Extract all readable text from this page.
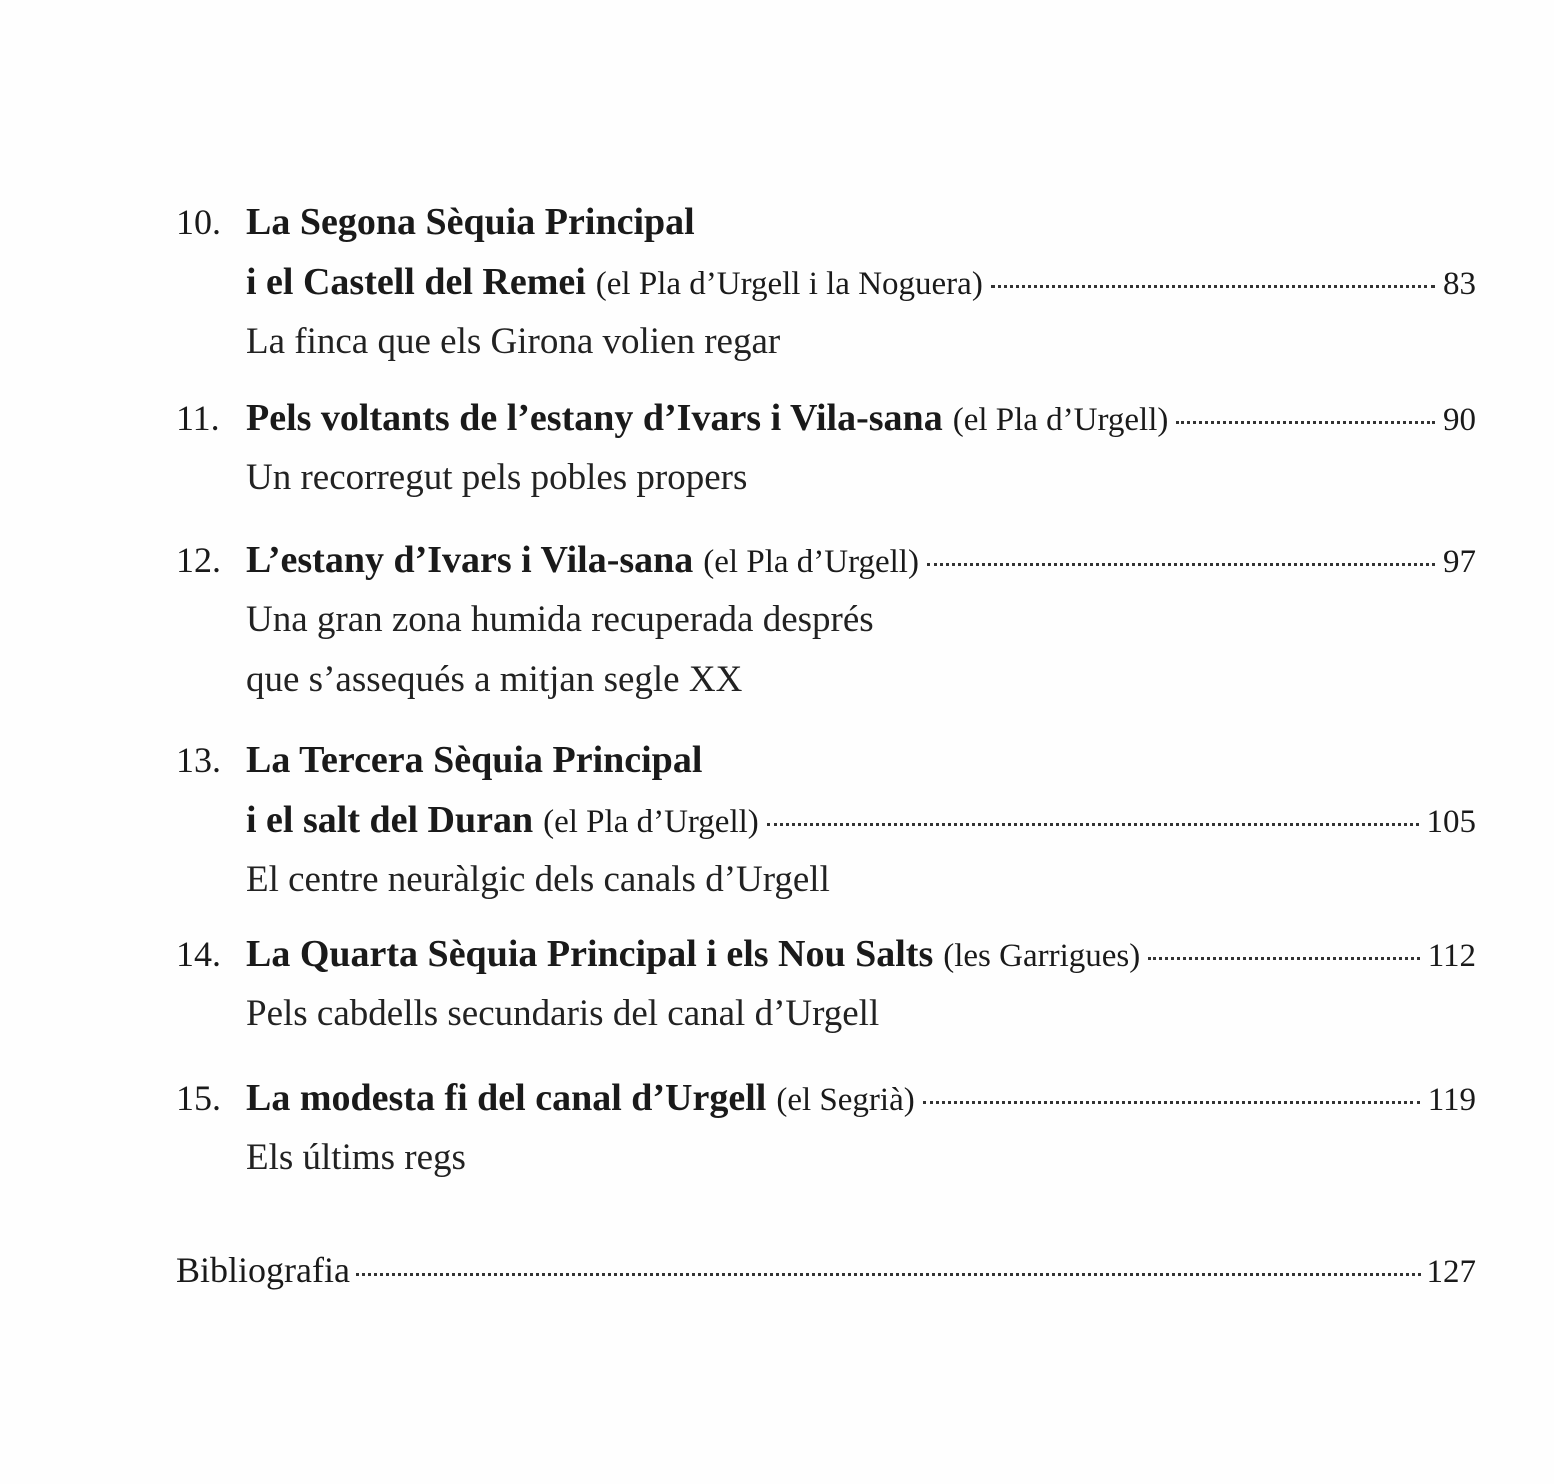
10. La Segona Sèquia Principal
i el Castell del Remei (el Pla d’Urgell i la Noguera)	83
La finca que els Girona volien regar
11. Pels voltants de l’estany d’Ivars i Vila-sana (el Pla d’Urgell)	90
Un recorregut pels pobles propers
12. L’estany d’Ivars i Vila-sana (el Pla d’Urgell)	97
Una gran zona humida recuperada després
que s’assequés a mitjan segle XX
13. La Tercera Sèquia Principal
i el salt del Duran (el Pla d’Urgell)	105
El centre neuràlgic dels canals d’Urgell
14. La Quarta Sèquia Principal i els Nou Salts (les Garrigues)	112
Pels cabdells secundaris del canal d’Urgell
15. La modesta fi del canal d’Urgell (el Segrià)	119
Els últims regs
Bibliografia	127
